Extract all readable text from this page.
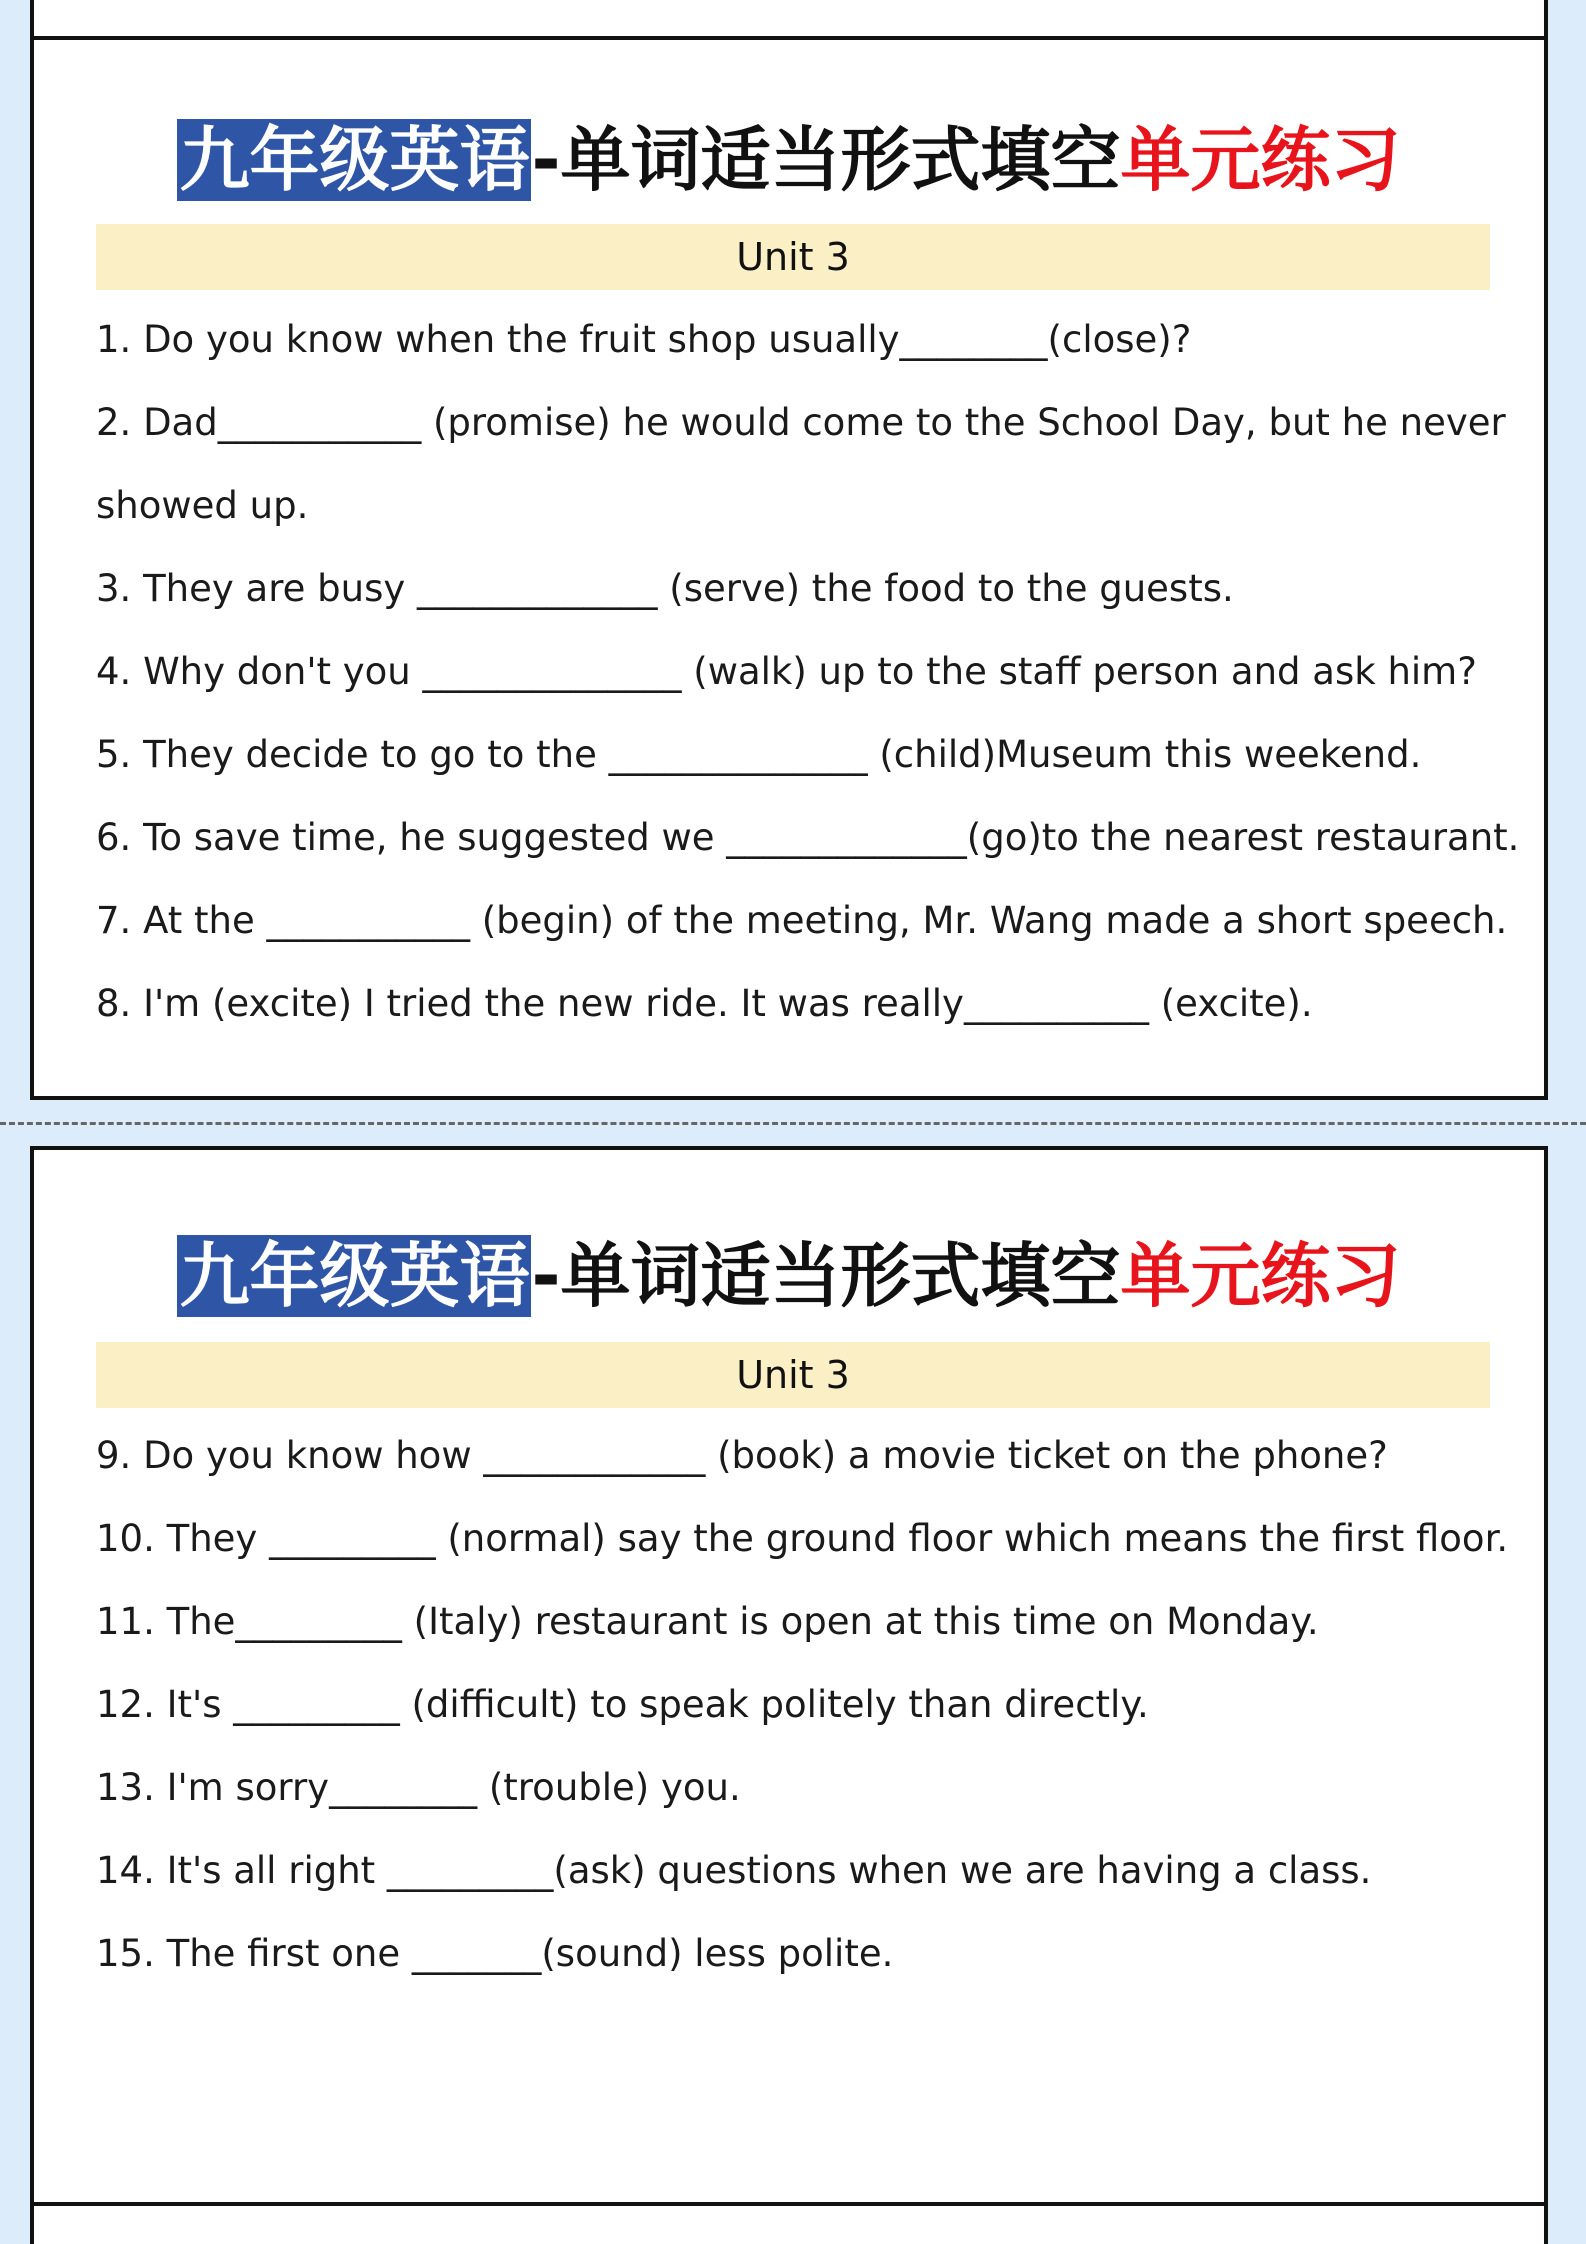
九年级英语-单词适当形式填空单元练习
Unit 3
1. Do you know when the fruit shop usually________(close)?
2. Dad___________ (promise) he would come to the School Day, but he never
showed up.
3. They are busy _____________ (serve) the food to the guests.
4. Why don't you ______________ (walk) up to the staff person and ask him?
5. They decide to go to the ______________ (child)Museum this weekend.
6. To save time, he suggested we _____________(go)to the nearest restaurant.
7. At the ___________ (begin) of the meeting, Mr. Wang made a short speech.
8. I'm (excite) I tried the new ride. It was really__________ (excite).
九年级英语-单词适当形式填空单元练习
Unit 3
9. Do you know how ____________ (book) a movie ticket on the phone?
10. They _________ (normal) say the ground floor which means the first floor.
11. The_________ (Italy) restaurant is open at this time on Monday.
12. It's _________ (difficult) to speak politely than directly.
13. I'm sorry________ (trouble) you.
14. It's all right _________(ask) questions when we are having a class.
15. The first one _______(sound) less polite.
